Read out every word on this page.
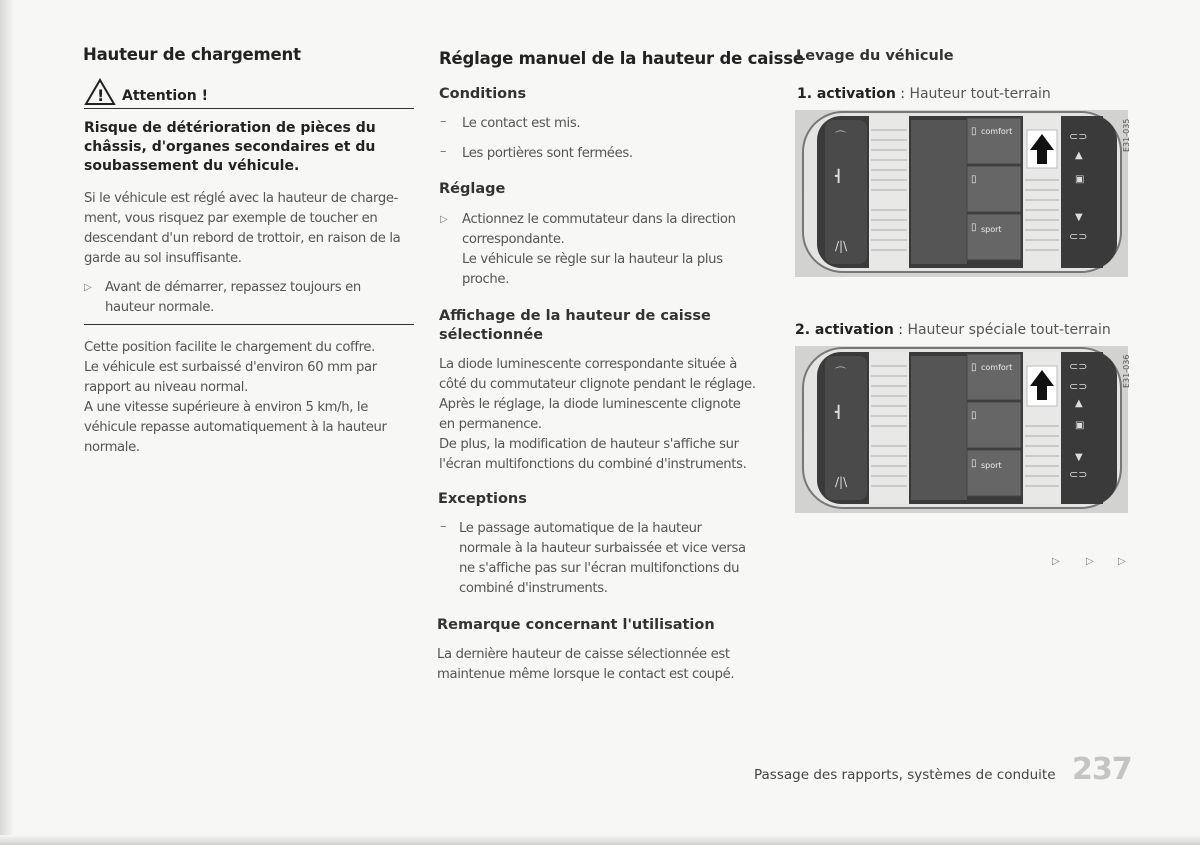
Hauteur de chargement
! Attention !
Risque de détérioration de pièces du châssis, d'organes secondaires et du soubassement du véhicule.
Si le véhicule est réglé avec la hauteur de charge-
ment, vous risquez par exemple de toucher en
descendant d'un rebord de trottoir, en raison de la
garde au sol insuffisante.
▷ Avant de démarrer, repassez toujours en
hauteur normale.
Cette position facilite le chargement du coffre.
Le véhicule est surbaissé d'environ 60 mm par
rapport au niveau normal.
A une vitesse supérieure à environ 5 km/h, le
véhicule repasse automatiquement à la hauteur
normale.
Réglage manuel de la hauteur de caisse
Conditions
– Le contact est mis.
– Les portières sont fermées.
Réglage
▷ Actionnez le commutateur dans la direction
correspondante.
Le véhicule se règle sur la hauteur la plus
proche.
Affichage de la hauteur de caisse
sélectionnée
La diode luminescente correspondante située à
côté du commutateur clignote pendant le réglage.
Après le réglage, la diode luminescente clignote
en permanence.
De plus, la modification de hauteur s'affiche sur
l'écran multifonctions du combiné d'instruments.
Exceptions
– Le passage automatique de la hauteur
normale à la hauteur surbaissée et vice versa
ne s'affiche pas sur l'écran multifonctions du
combiné d'instruments.
Remarque concernant l'utilisation
La dernière hauteur de caisse sélectionnée est
maintenue même lorsque le contact est coupé.
Levage du véhicule
1. activation : Hauteur tout-terrain
⌒
┫
/|\
▯
▯
▯
comfort
sport
⊂⊃
▲
▣
▼
⊂⊃
E31-035
2. activation : Hauteur spéciale tout-terrain
⌒
┫
/|\
▯
▯
▯
comfort
sport
⊂⊃
⊂⊃
▲
▣
▼
⊂⊃
E31-036
▷	▷ ▷
Passage des rapports, systèmes de conduite 237
